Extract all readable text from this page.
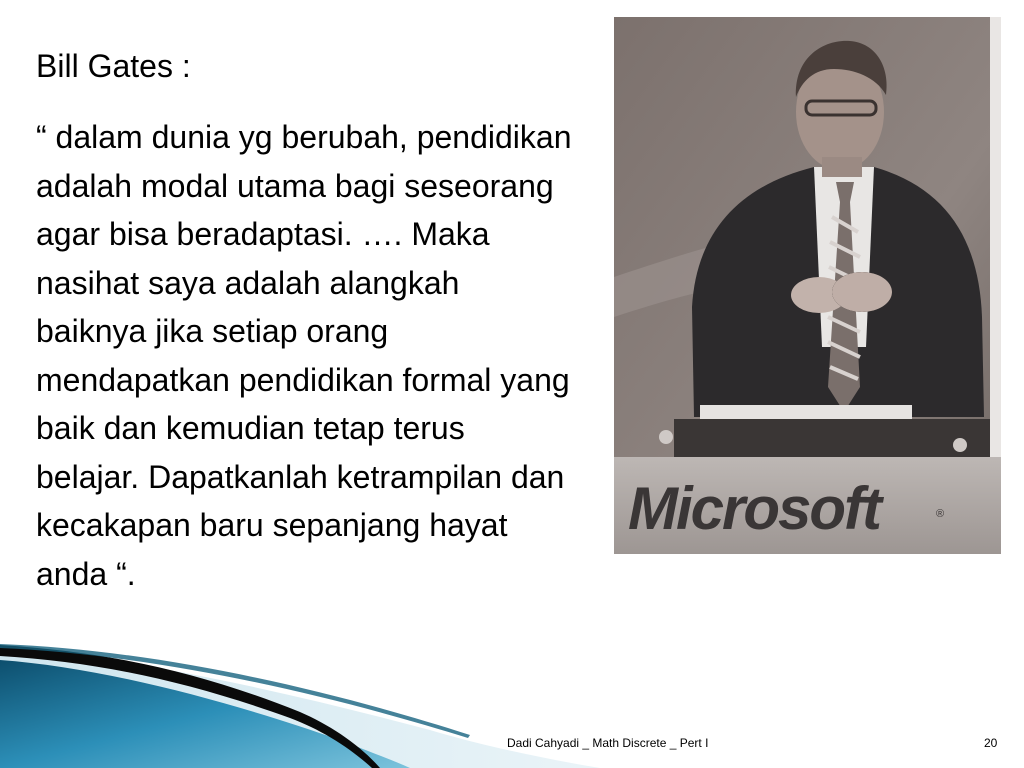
Bill Gates :

“ dalam dunia yg berubah, pendidikan adalah modal utama bagi seseorang agar bisa beradaptasi. …. Maka nasihat saya adalah alangkah baiknya jika setiap orang mendapatkan pendidikan formal yang baik dan kemudian tetap terus belajar. Dapatkanlah ketrampilan dan kecakapan baru sepanjang hayat anda “.

Microsoft	®
Dadi Cahyadi _ Math Discrete _ Pert I	20
